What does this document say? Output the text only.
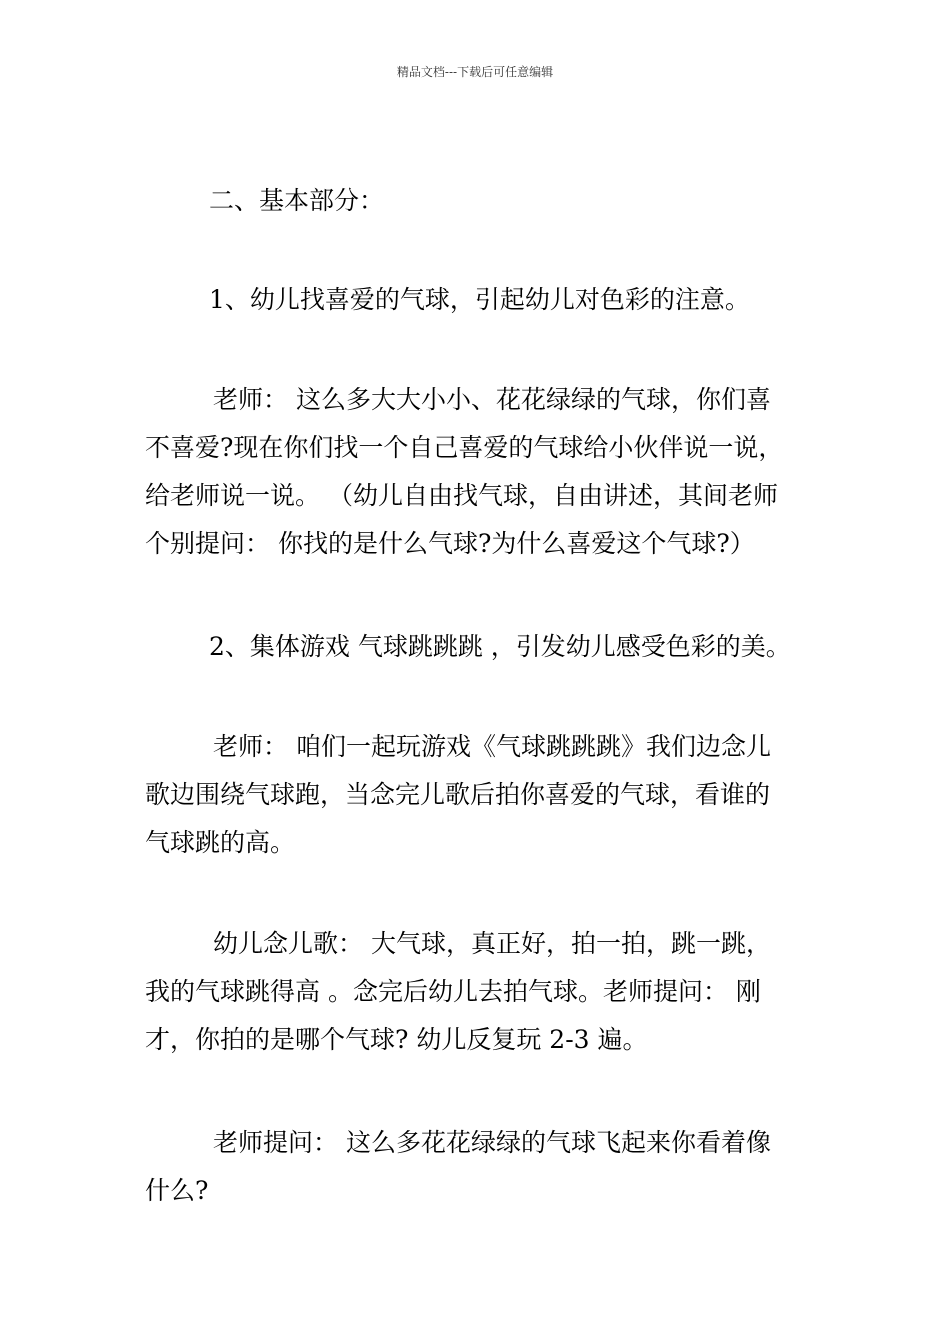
精品文档---下载后可任意编辑

二、基本部分：

1、幼儿找喜爱的气球，引起幼儿对色彩的注意。

老师： 这么多大大小小、花花绿绿的气球，你们喜
不喜爱?现在你们找一个自己喜爱的气球给小伙伴说一说，
给老师说一说。 （幼儿自由找气球，自由讲述，其间老师
个别提问： 你找的是什么气球?为什么喜爱这个气球?）

2、集体游戏 气球跳跳跳 ，引发幼儿感受色彩的美。

老师： 咱们一起玩游戏《气球跳跳跳》我们边念儿
歌边围绕气球跑，当念完儿歌后拍你喜爱的气球，看谁的
气球跳的高。

幼儿念儿歌： 大气球，真正好，拍一拍，跳一跳，
我的气球跳得高 。念完后幼儿去拍气球。老师提问： 刚
才，你拍的是哪个气球? 幼儿反复玩 2-3 遍。

老师提问： 这么多花花绿绿的气球飞起来你看着像
什么?
